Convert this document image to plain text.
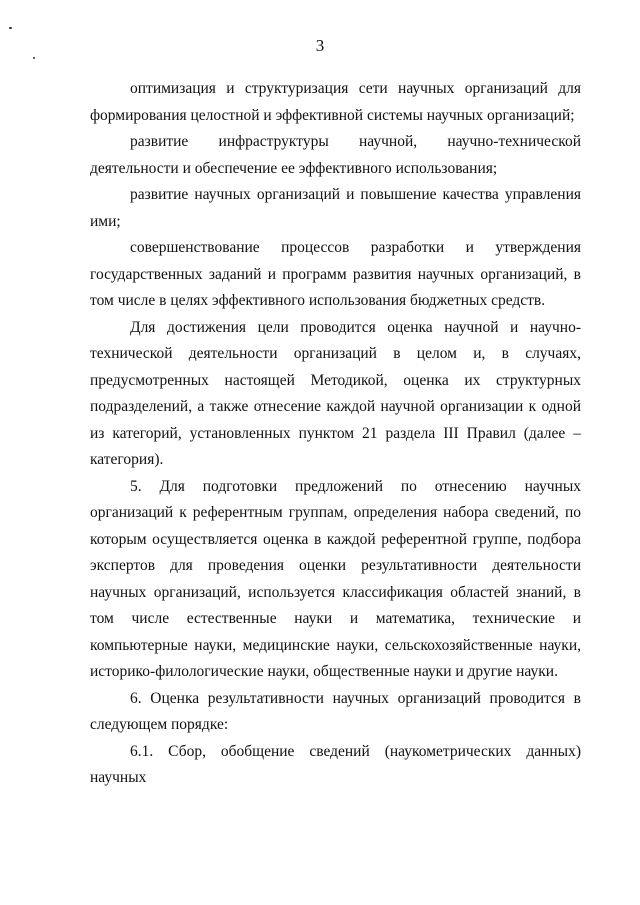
3

оптимизация и структуризация сети научных организаций для формирования целостной и эффективной системы научных организаций;

развитие инфраструктуры научной, научно-технической деятельности и обеспечение ее эффективного использования;

развитие научных организаций и повышение качества управления ими;

совершенствование процессов разработки и утверждения государственных заданий и программ развития научных организаций, в том числе в целях эффективного использования бюджетных средств.

Для достижения цели проводится оценка научной и научно-технической деятельности организаций в целом и, в случаях, предусмотренных настоящей Методикой, оценка их структурных подразделений, а также отнесение каждой научной организации к одной из категорий, установленных пунктом 21 раздела III Правил (далее – категория).

5. Для подготовки предложений по отнесению научных организаций к референтным группам, определения набора сведений, по которым осуществляется оценка в каждой референтной группе, подбора экспертов для проведения оценки результативности деятельности научных организаций, используется классификация областей знаний, в том числе естественные науки и математика, технические и компьютерные науки, медицинские науки, сельскохозяйственные науки, историко-филологические науки, общественные науки и другие науки.

6. Оценка результативности научных организаций проводится в следующем порядке:

6.1. Сбор, обобщение сведений (наукометрических данных) научных
